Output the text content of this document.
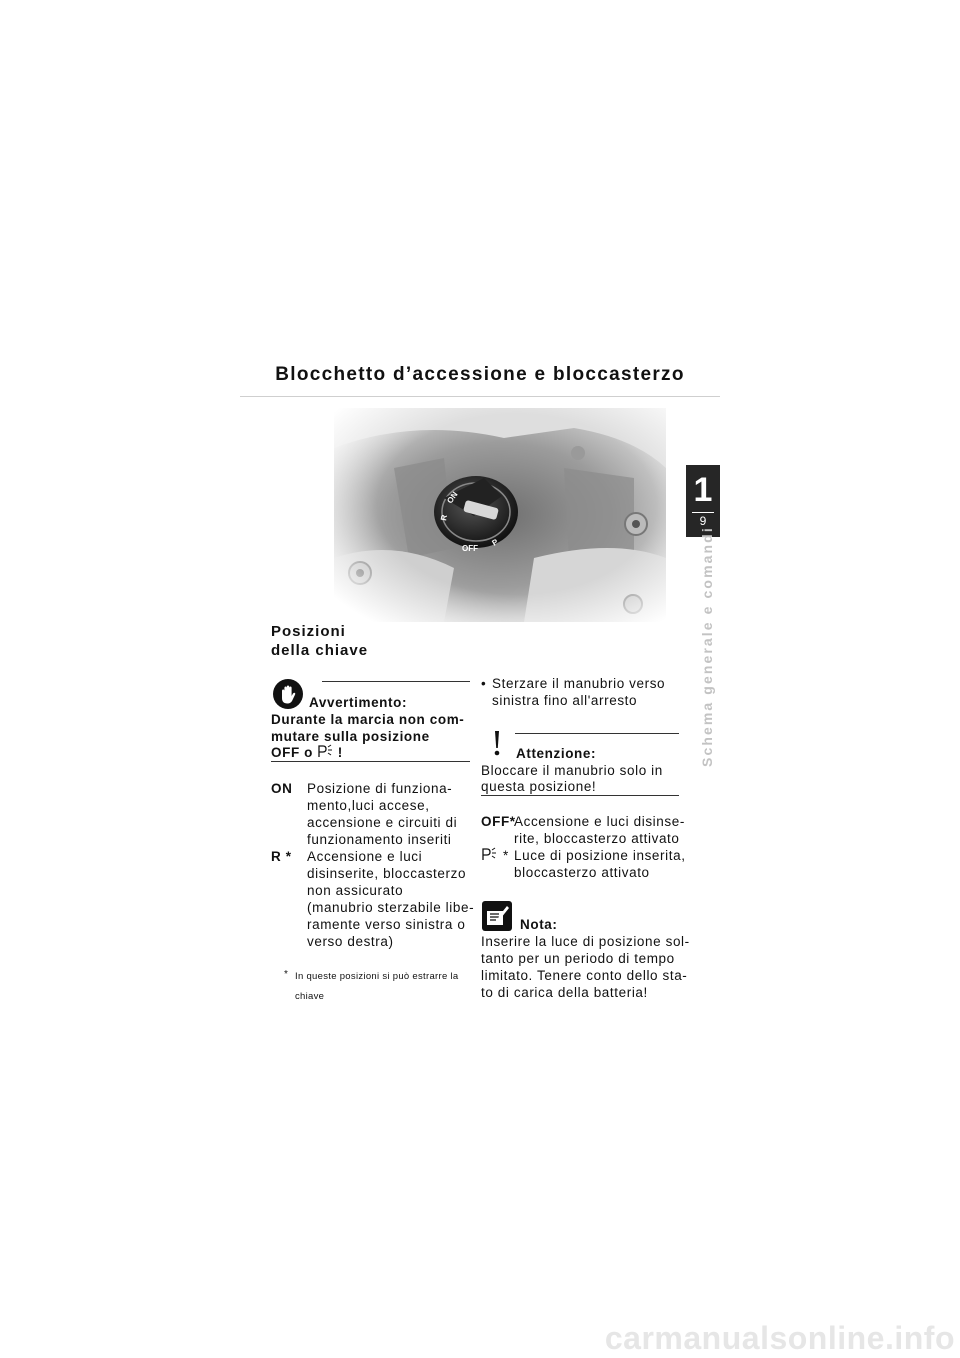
Blocchetto d’accessione e bloccasterzo
1
9
Schema generale e comandi
Posizioni
della chiave
Avvertimento:
Durante la marcia non com-
mutare sulla posizione
OFF o !
ON Posizione di funziona-
mento,luci accese,
accensione e circuiti di
funzionamento inseriti
R * Accensione e luci
disinserite, bloccasterzo
non assicurato
(manubrio sterzabile libe-
ramente verso sinistra o
verso destra)
* In queste posizioni si può estrarre la
chiave
• Sterzare il manubrio verso
sinistra fino all'arresto
Attenzione:
Bloccare il manubrio solo in
questa posizione!
OFF*
Accensione e luci disinse-
rite, bloccasterzo attivato
* Luce di posizione inserita,
bloccasterzo attivato
Nota:
Inserire la luce di posizione sol-
tanto per un periodo di tempo
limitato. Tenere conto dello sta-
to di carica della batteria!
carmanualsonline.info
